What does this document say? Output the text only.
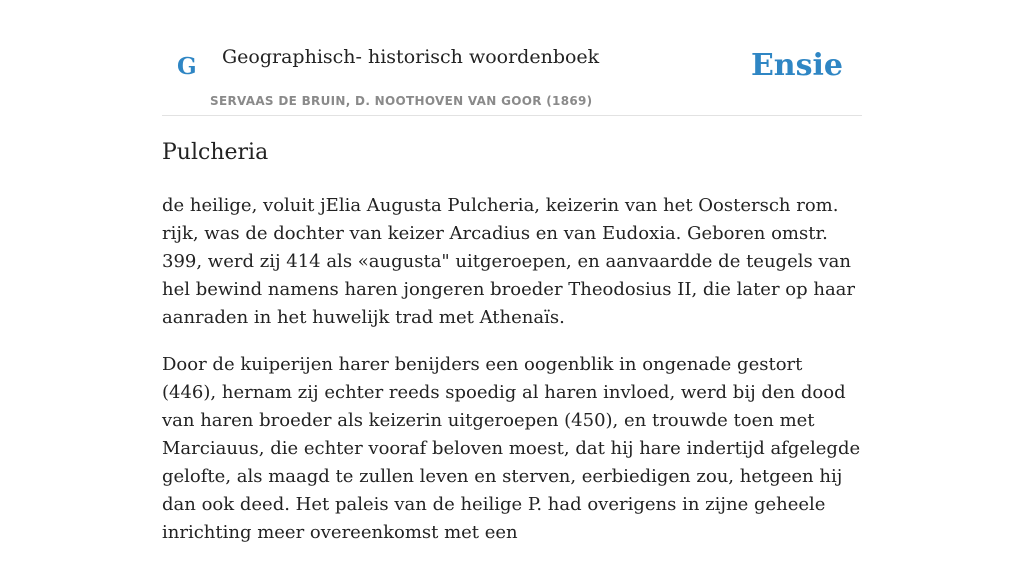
G Geographisch- historisch woordenboek
SERVAAS DE BRUIN, D. NOOTHOVEN VAN GOOR (1869)
Ensie
Pulcheria

de heilige, voluit jElia Augusta Pulcheria, keizerin van het Oostersch rom. rijk, was de dochter van keizer Arcadius en van Eudoxia. Geboren omstr. 399, werd zij 414 als «augusta" uitgeroepen, en aanvaardde de teugels van hel bewind namens haren jongeren broeder Theodosius II, die later op haar aanraden in het huwelijk trad met Athenaïs.

Door de kuiperijen harer benijders een oogenblik in ongenade gestort (446), hernam zij echter reeds spoedig al haren invloed, werd bij den dood van haren broeder als keizerin uitgeroepen (450), en trouwde toen met Marciauus, die echter vooraf beloven moest, dat hij hare indertijd afgelegde gelofte, als maagd te zullen leven en sterven, eerbiedigen zou, hetgeen hij dan ook deed. Het paleis van de heilige P. had overigens in zijne geheele inrichting meer overeenkomst met een
